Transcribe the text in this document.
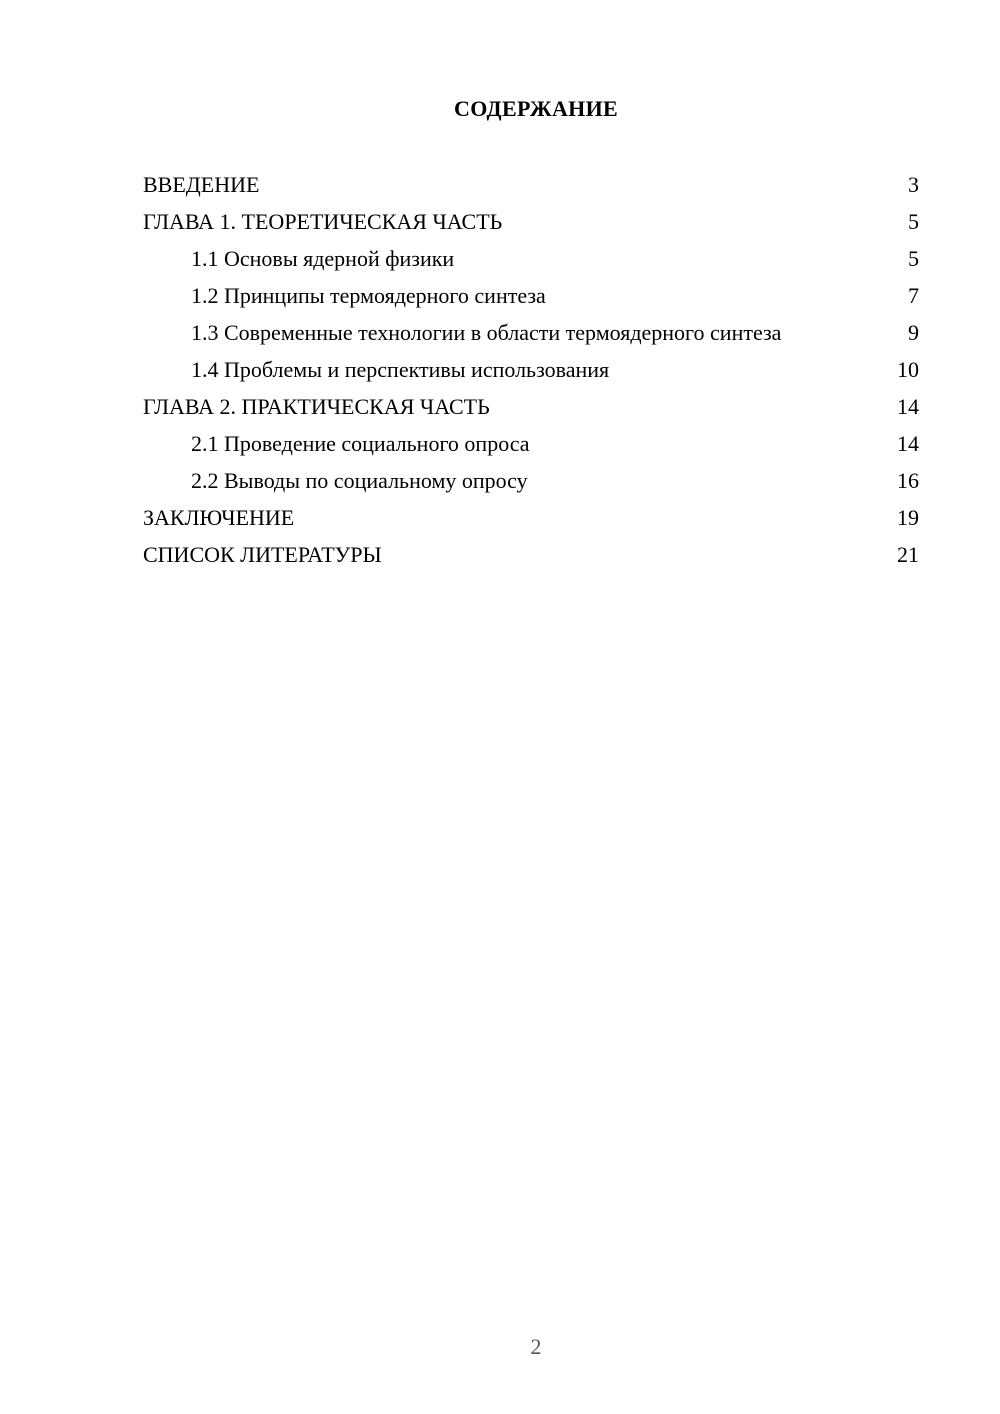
СОДЕРЖАНИЕ
ВВЕДЕНИЕ	3
ГЛАВА 1. ТЕОРЕТИЧЕСКАЯ ЧАСТЬ	5
1.1 Основы ядерной физики	5
1.2 Принципы термоядерного синтеза	7
1.3 Современные технологии в области термоядерного синтеза	9
1.4 Проблемы и перспективы использования	10
ГЛАВА 2. ПРАКТИЧЕСКАЯ ЧАСТЬ	14
2.1 Проведение социального опроса	14
2.2 Выводы по социальному опросу	16
ЗАКЛЮЧЕНИЕ	19
СПИСОК ЛИТЕРАТУРЫ	21
2
